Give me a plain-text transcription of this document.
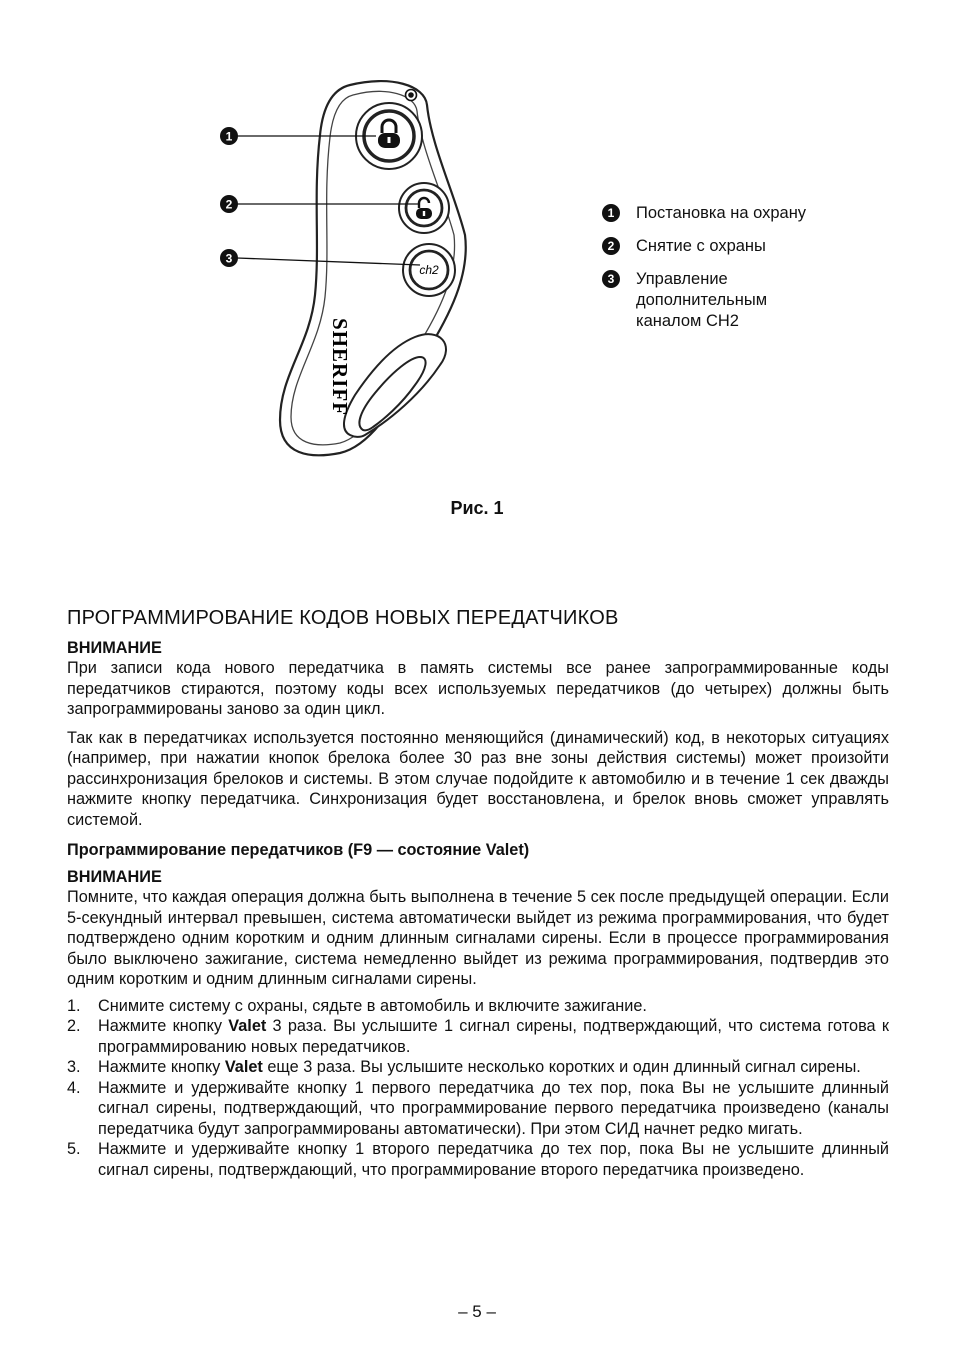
ch2
SHERIFF
1
2
3
1	Постановка на охрану
2	Снятие с охраны
3	Управление дополнительным каналом CH2
Рис. 1
ПРОГРАММИРОВАНИЕ КОДОВ НОВЫХ ПЕРЕДАТЧИКОВ
ВНИМАНИЕ

При записи кода нового передатчика в память системы все ранее запрограммированные коды передатчиков стираются, поэтому коды всех используемых передатчиков (до четырех) должны быть запрограммированы заново за один цикл.

Так как в передатчиках используется постоянно меняющийся (динамический) код, в некоторых ситуациях (например, при нажатии кнопок брелока более 30 раз вне зоны действия системы) может произойти рассинхронизация брелоков и системы. В этом случае подойдите к автомобилю и в течение 1 сек дважды нажмите кнопку передатчика. Синхронизация будет восстановлена, и брелок вновь сможет управлять системой.

Программирование передатчиков (F9 — состояние Valet)
ВНИМАНИЕ

Помните, что каждая операция должна быть выполнена в течение 5 сек после предыдущей операции. Если 5-секундный интервал превышен, система автоматически выйдет из режима программирования, что будет подтверждено одним коротким и одним длинным сигналами сирены. Если в процессе программирования было выключено зажигание, система немедленно выйдет из режима программирования, подтвердив это одним коротким и одним длинным сигналами сирены.

1.	Снимите систему с охраны, сядьте в автомобиль и включите зажигание.
2.	Нажмите кнопку Valet 3 раза. Вы услышите 1 сигнал сирены, подтверждающий, что система готова к программированию новых передатчиков.
3.	Нажмите кнопку Valet еще 3 раза. Вы услышите несколько коротких и один длинный сигнал сирены.
4.	Нажмите и удерживайте кнопку 1 первого передатчика до тех пор, пока Вы не услышите длинный сигнал сирены, подтверждающий, что программирование первого передатчика произведено (каналы передатчика будут запрограммированы автоматически). При этом СИД начнет редко мигать.
5.	Нажмите и удерживайте кнопку 1 второго передатчика до тех пор, пока Вы не услышите длинный сигнал сирены, подтверждающий, что программирование второго передатчика произведено.
– 5 –
